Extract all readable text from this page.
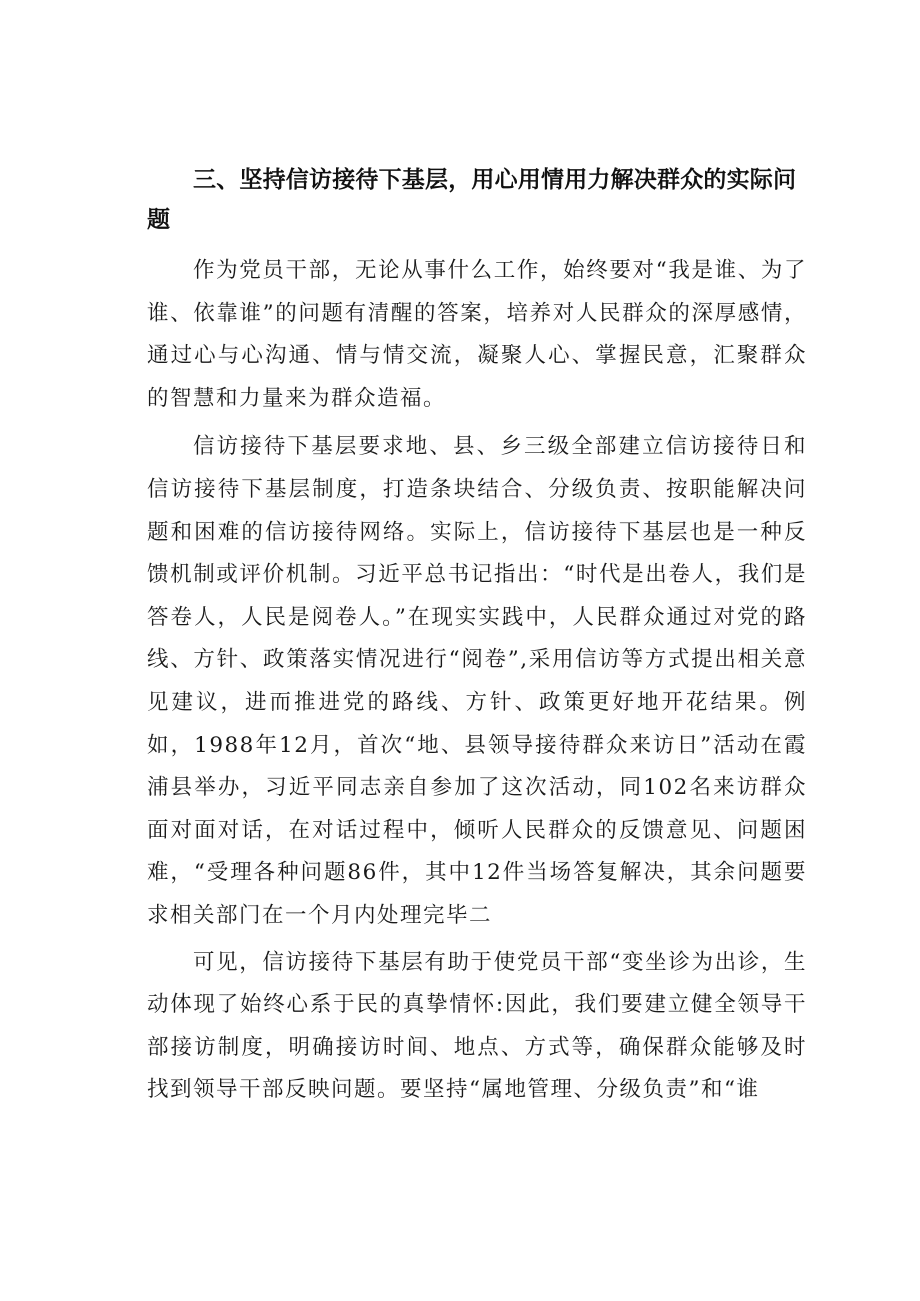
三、坚持信访接待下基层，用心用情用力解决群众的实际问题

作为党员干部，无论从事什么工作，始终要对“我是谁、为了谁、依靠谁”的问题有清醒的答案，培养对人民群众的深厚感情，通过心与心沟通、情与情交流，凝聚人心、掌握民意，汇聚群众的智慧和力量来为群众造福。

信访接待下基层要求地、县、乡三级全部建立信访接待日和信访接待下基层制度，打造条块结合、分级负责、按职能解决问题和困难的信访接待网络。实际上，信访接待下基层也是一种反馈机制或评价机制。习近平总书记指出：“时代是出卷人，我们是答卷人，人民是阅卷人。”在现实实践中，人民群众通过对党的路线、方针、政策落实情况进行“阅卷”,采用信访等方式提出相关意见建议，进而推进党的路线、方针、政策更好地开花结果。例如，1988年12月，首次“地、县领导接待群众来访日”活动在霞浦县举办，习近平同志亲自参加了这次活动，同102名来访群众面对面对话，在对话过程中，倾听人民群众的反馈意见、问题困难，“受理各种问题86件，其中12件当场答复解决，其余问题要求相关部门在一个月内处理完毕二

可见，信访接待下基层有助于使党员干部“变坐诊为出诊，生动体现了始终心系于民的真挚情怀:因此，我们要建立健全领导干部接访制度，明确接访时间、地点、方式等，确保群众能够及时找到领导干部反映问题。要坚持“属地管理、分级负责”和“谁
